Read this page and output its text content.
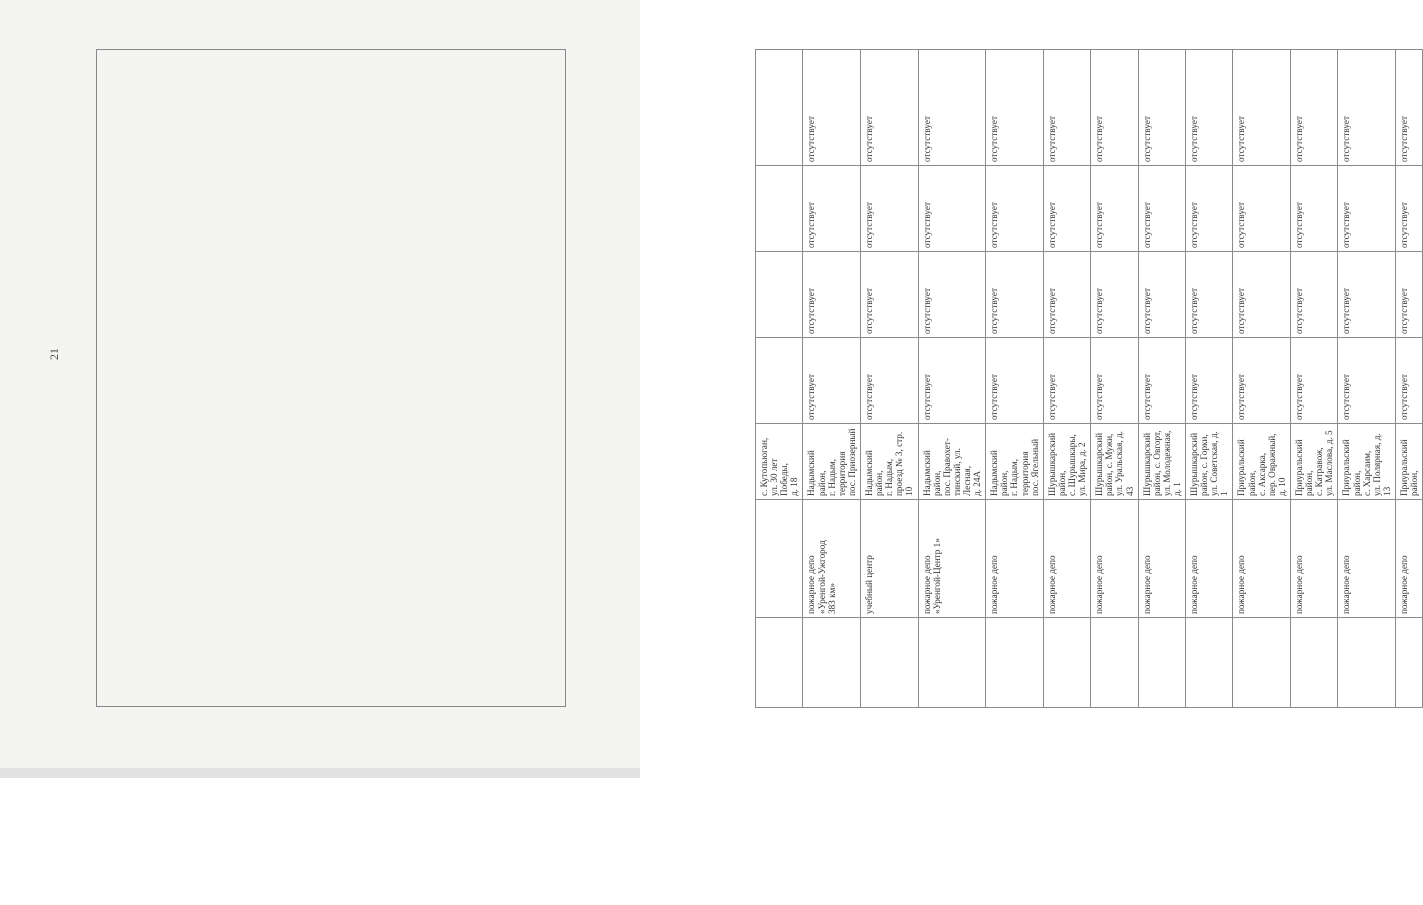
21
		с. Кутопьюган,
ул. 30 лет Победы,
д. 18				
	пожарное депо
«Уренгой-Ужгород
383 км»	Надымский район,
г. Надым, территория
пос. Приозерный	отсутствует	отсутствует	отсутствует	отсутствует
	учебный центр	Надымский район,
г. Надым,
проезд № 3, стр. 10	отсутствует	отсутствует	отсутствует	отсутствует
	пожарное депо
«Уренгой-Центр 1»	Надымский район,
пос. Правохет-
тинский, ул. Лесная,
д. 24А	отсутствует	отсутствует	отсутствует	отсутствует
	пожарное депо	Надымский район,
г. Надым, территория
пос. Ягельный	отсутствует	отсутствует	отсутствует	отсутствует
	пожарное депо	Шурышкарский
район,
с. Шурышкары,
ул. Мира, д. 2	отсутствует	отсутствует	отсутствует	отсутствует
	пожарное депо	Шурышкарский
район, с. Мужи,
ул. Уральская, д. 43	отсутствует	отсутствует	отсутствует	отсутствует
	пожарное депо	Шурышкарский
район, с. Овгорт,
ул. Молодежная, д. 1	отсутствует	отсутствует	отсутствует	отсутствует
	пожарное депо	Шурышкарский
район, с. Горки,
ул. Советская, д. 1	отсутствует	отсутствует	отсутствует	отсутствует
	пожарное депо	Приуральский район,
с. Аксарка,
пер. Овражный, д. 10	отсутствует	отсутствует	отсутствует	отсутствует
	пожарное депо	Приуральский район,
с. Катравож,
ул. Маслова, д. 5	отсутствует	отсутствует	отсутствует	отсутствует
	пожарное депо	Приуральский район,
с. Харсаим,
ул. Полярная, д. 13	отсутствует	отсутствует	отсутствует	отсутствует
	пожарное депо	Приуральский район,	отсутствует	отсутствует	отсутствует	отсутствует
